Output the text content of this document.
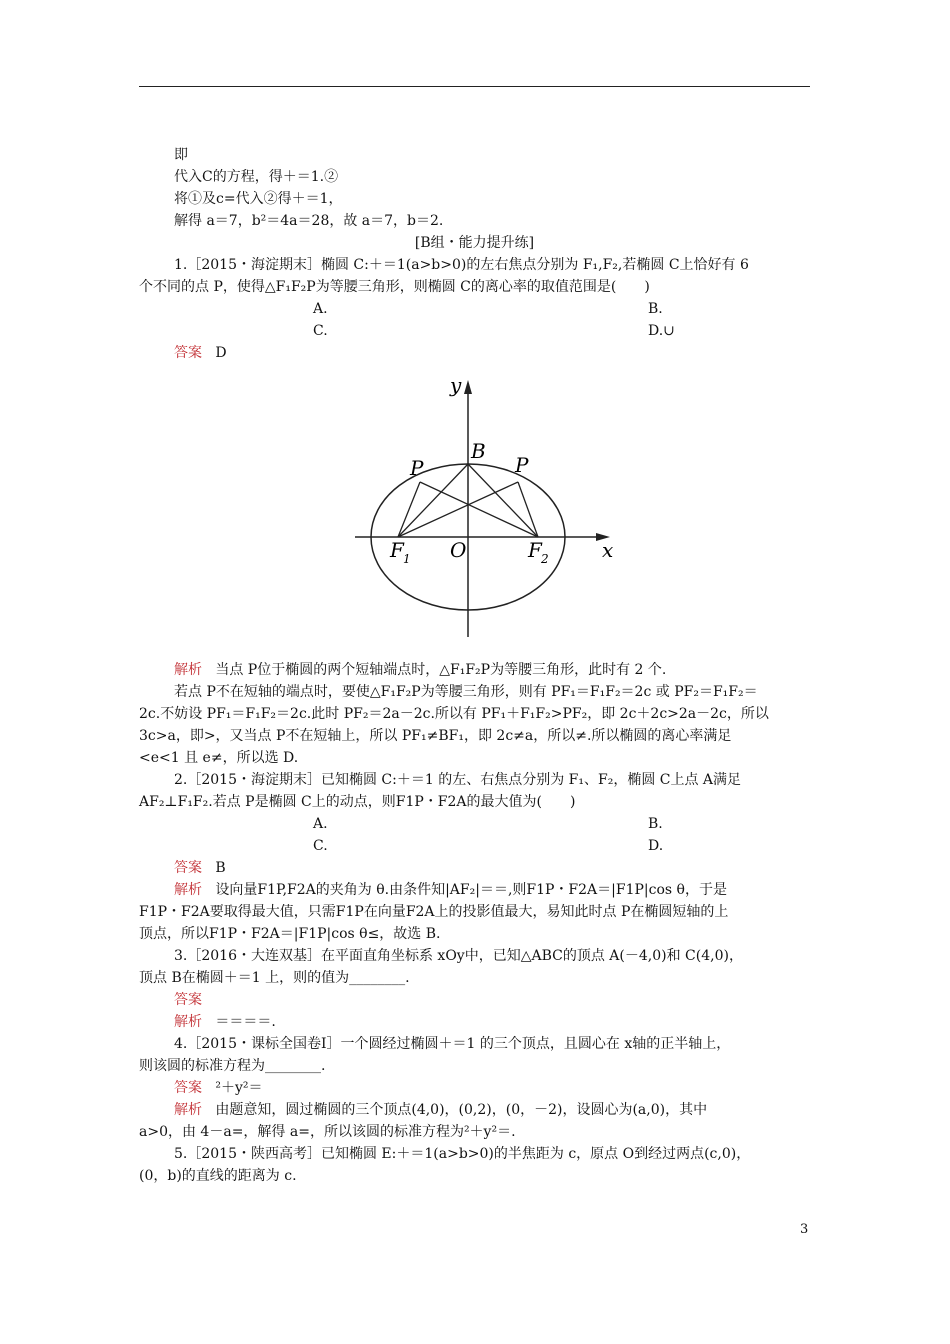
即
代入C的方程，得＋＝1.②
将①及c=代入②得＋＝1，
解得 a＝7，b²＝4a＝28，故 a＝7，b＝2.
[B组・能力提升练]
1.［2015・海淀期末］椭圆 C:＋＝1(a>b>0)的左右焦点分别为 F₁,F₂,若椭圆 C上恰好有 6
个不同的点 P，使得△F₁F₂P为等腰三角形，则椭圆 C的离心率的取值范围是(　　)
A.	B.
C.	D.∪
答案 D
y
x
O
B
P	P
F 1	F 2
解析 当点 P位于椭圆的两个短轴端点时，△F₁F₂P为等腰三角形，此时有 2 个.
若点 P不在短轴的端点时，要使△F₁F₂P为等腰三角形，则有 PF₁＝F₁F₂＝2c 或 PF₂＝F₁F₂＝
2c.不妨设 PF₁＝F₁F₂＝2c.此时 PF₂＝2a－2c.所以有 PF₁＋F₁F₂>PF₂，即 2c＋2c>2a－2c，所以
3c>a，即>，又当点 P不在短轴上，所以 PF₁≠BF₁，即 2c≠a，所以≠.所以椭圆的离心率满足
<e<1 且 e≠，所以选 D.
2.［2015・海淀期末］已知椭圆 C:＋＝1 的左、右焦点分别为 F₁、F₂，椭圆 C上点 A满足
AF₂⊥F₁F₂.若点 P是椭圆 C上的动点，则F1P・F2A的最大值为(　　)
A.	B.
C.	D.
答案 B
解析 设向量F1P,F2A的夹角为 θ.由条件知|AF₂|＝＝,则F1P・F2A＝|F1P|cos θ，于是
F1P・F2A要取得最大值，只需F1P在向量F2A上的投影值最大，易知此时点 P在椭圆短轴的上
顶点，所以F1P・F2A＝|F1P|cos θ≤，故选 B.
3.［2016・大连双基］在平面直角坐标系 xOy中，已知△ABC的顶点 A(－4,0)和 C(4,0)，
顶点 B在椭圆＋＝1 上，则的值为________.
答案
解析 ＝＝＝＝.
4.［2015・课标全国卷Ⅰ］一个圆经过椭圆＋＝1 的三个顶点，且圆心在 x轴的正半轴上，
则该圆的标准方程为________.
答案 ²＋y²＝
解析 由题意知，圆过椭圆的三个顶点(4,0)，(0,2)，(0，－2)，设圆心为(a,0)，其中
a>0，由 4－a=，解得 a=，所以该圆的标准方程为²＋y²＝.
5.［2015・陕西高考］已知椭圆 E:＋＝1(a>b>0)的半焦距为 c，原点 O到经过两点(c,0)，
(0，b)的直线的距离为 c.
3
